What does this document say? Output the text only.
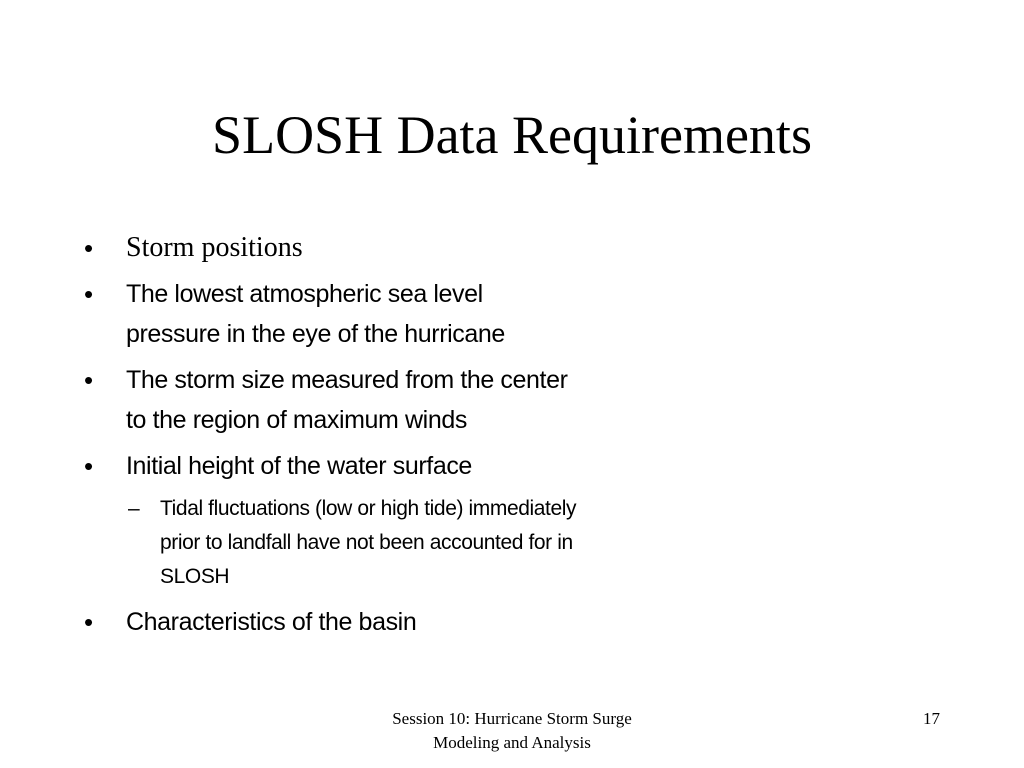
SLOSH Data Requirements
• Storm positions
• The lowest atmospheric sea level
pressure in the eye of the hurricane
• The storm size measured from the center
to the region of maximum winds
• Initial height of the water surface
– Tidal fluctuations (low or high tide) immediately
prior to landfall have not been accounted for in
SLOSH
• Characteristics of the basin
Session 10: Hurricane Storm Surge
Modeling and Analysis
17
